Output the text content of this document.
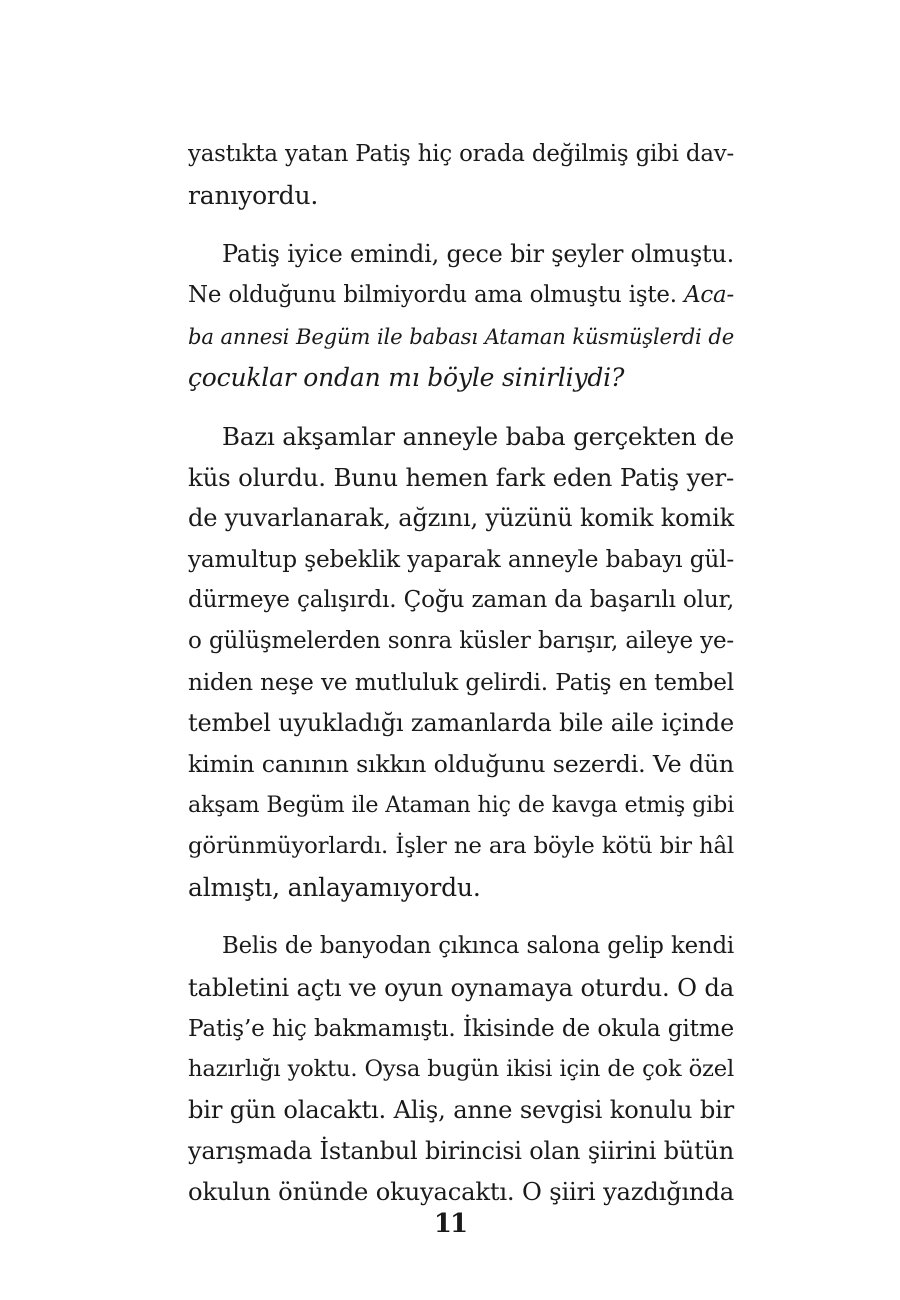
yastıkta yatan Patiş hiç orada değilmiş gibi dav-
ranıyordu.
Patiş iyice emindi, gece bir şeyler olmuştu.
Ne olduğunu bilmiyordu ama olmuştu işte. Aca-
ba annesi Begüm ile babası Ataman küsmüşlerdi de
çocuklar ondan mı böyle sinirliydi?
Bazı akşamlar anneyle baba gerçekten de
küs olurdu. Bunu hemen fark eden Patiş yer-
de yuvarlanarak, ağzını, yüzünü komik komik
yamultup şebeklik yaparak anneyle babayı gül-
dürmeye çalışırdı. Çoğu zaman da başarılı olur,
o gülüşmelerden sonra küsler barışır, aileye ye-
niden neşe ve mutluluk gelirdi. Patiş en tembel
tembel uyukladığı zamanlarda bile aile içinde
kimin canının sıkkın olduğunu sezerdi. Ve dün
akşam Begüm ile Ataman hiç de kavga etmiş gibi
görünmüyorlardı. İşler ne ara böyle kötü bir hâl
almıştı, anlayamıyordu.
Belis de banyodan çıkınca salona gelip kendi
tabletini açtı ve oyun oynamaya oturdu. O da
Patiş’e hiç bakmamıştı. İkisinde de okula gitme
hazırlığı yoktu. Oysa bugün ikisi için de çok özel
bir gün olacaktı. Aliş, anne sevgisi konulu bir
yarışmada İstanbul birincisi olan şiirini bütün
okulun önünde okuyacaktı. O şiiri yazdığında
11
